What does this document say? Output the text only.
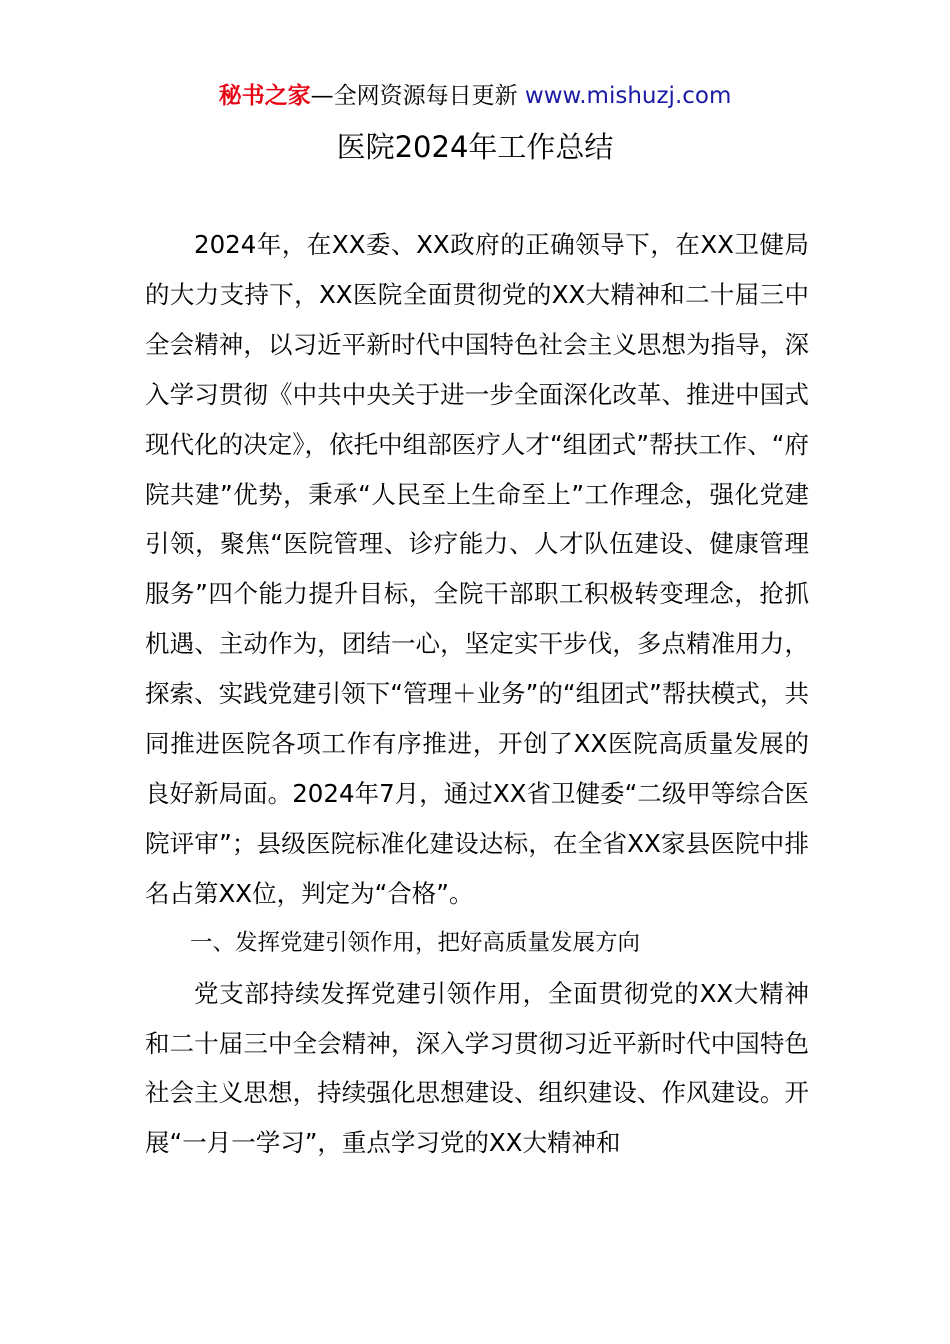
秘书之家—全网资源每日更新 www.mishuzj.com
医院2024年工作总结

2024年，在XX委、XX政府的正确领导下，在XX卫健局的大力支持下，XX医院全面贯彻党的XX大精神和二十届三中全会精神，以习近平新时代中国特色社会主义思想为指导，深入学习贯彻《中共中央关于进一步全面深化改革、推进中国式现代化的决定》，依托中组部医疗人才“组团式”帮扶工作、“府院共建”优势，秉承“人民至上生命至上”工作理念，强化党建引领，聚焦“医院管理、诊疗能力、人才队伍建设、健康管理服务”四个能力提升目标，全院干部职工积极转变理念，抢抓机遇、主动作为，团结一心，坚定实干步伐，多点精准用力，探索、实践党建引领下“管理＋业务”的“组团式”帮扶模式，共同推进医院各项工作有序推进，开创了XX医院高质量发展的良好新局面。2024年7月，通过XX省卫健委“二级甲等综合医院评审”；县级医院标准化建设达标，在全省XX家县医院中排名占第XX位，判定为“合格”。

一、发挥党建引领作用，把好高质量发展方向

党支部持续发挥党建引领作用，全面贯彻党的XX大精神和二十届三中全会精神，深入学习贯彻习近平新时代中国特色社会主义思想，持续强化思想建设、组织建设、作风建设。开展“一月一学习”，重点学习党的XX大精神和
